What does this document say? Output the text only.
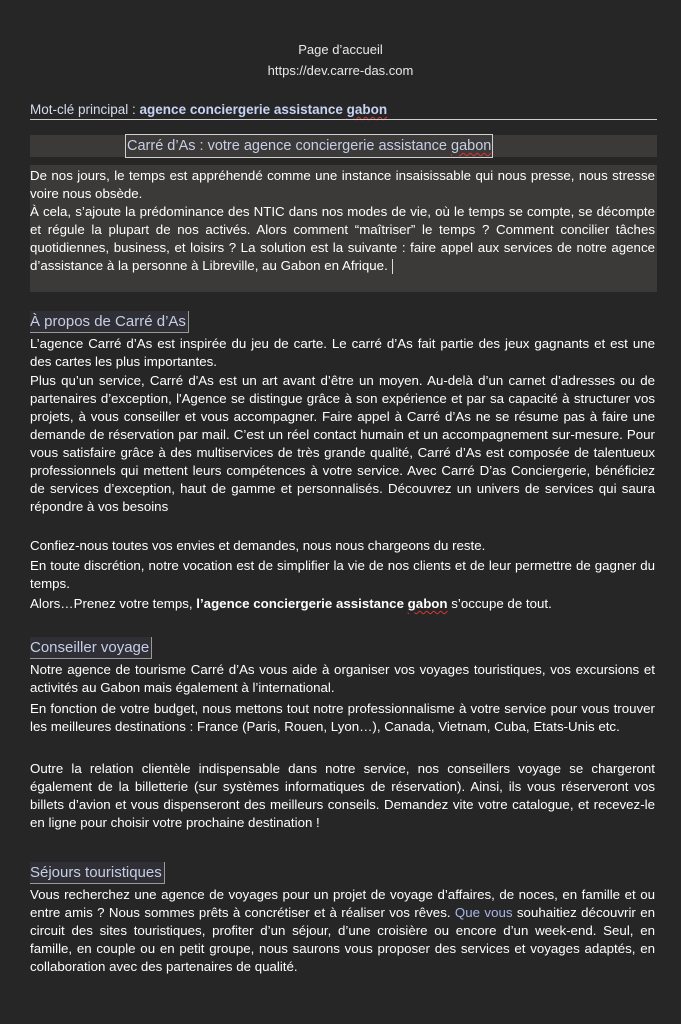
Page d’accueil
https://dev.carre-das.com
Mot-clé principal : agence conciergerie assistance gabon
Carré d’As : votre agence conciergerie assistance gabon
De nos jours, le temps est appréhendé comme une instance insaisissable qui nous presse, nous stresse voire nous obsède.
À cela, s’ajoute la prédominance des NTIC dans nos modes de vie, où le temps se compte, se décompte et régule la plupart de nos activés. Alors comment “maîtriser” le temps ? Comment concilier tâches quotidiennes, business, et loisirs ? La solution est la suivante : faire appel aux services de notre agence d’assistance à la personne à Libreville, au Gabon en Afrique.
À propos de Carré d’As
L’agence Carré d’As est inspirée du jeu de carte. Le carré d’As fait partie des jeux gagnants et est une des cartes les plus importantes.
Plus qu’un service, Carré d'As est un art avant d’être un moyen. Au-delà d’un carnet d’adresses ou de partenaires d’exception, l'Agence se distingue grâce à son expérience et par sa capacité à structurer vos projets, à vous conseiller et vous accompagner. Faire appel à Carré d’As ne se résume pas à faire une demande de réservation par mail. C’est un réel contact humain et un accompagnement sur-mesure. Pour vous satisfaire grâce à des multiservices de très grande qualité, Carré d’As est composée de talentueux professionnels qui mettent leurs compétences à votre service. Avec Carré D’as Conciergerie, bénéficiez de services d’exception, haut de gamme et personnalisés. Découvrez un univers de services qui saura répondre à vos besoins
Confiez-nous toutes vos envies et demandes, nous nous chargeons du reste.
En toute discrétion, notre vocation est de simplifier la vie de nos clients et de leur permettre de gagner du temps.
Alors…Prenez votre temps, l’agence conciergerie assistance gabon s’occupe de tout.
Conseiller voyage
Notre agence de tourisme Carré d’As vous aide à organiser vos voyages touristiques, vos excursions et activités au Gabon mais également à l’international.
En fonction de votre budget, nous mettons tout notre professionnalisme à votre service pour vous trouver les meilleures destinations : France (Paris, Rouen, Lyon…), Canada, Vietnam, Cuba, Etats-Unis etc.
Outre la relation clientèle indispensable dans notre service, nos conseillers voyage se chargeront également de la billetterie (sur systèmes informatiques de réservation). Ainsi, ils vous réserveront vos billets d’avion et vous dispenseront des meilleurs conseils. Demandez vite votre catalogue, et recevez-le en ligne pour choisir votre prochaine destination !
Séjours touristiques
Vous recherchez une agence de voyages pour un projet de voyage d’affaires, de noces, en famille et ou entre amis ? Nous sommes prêts à concrétiser et à réaliser vos rêves. Que vous souhaitiez découvrir en circuit des sites touristiques, profiter d’un séjour, d’une croisière ou encore d’un week-end. Seul, en famille, en couple ou en petit groupe, nous saurons vous proposer des services et voyages adaptés, en collaboration avec des partenaires de qualité.
